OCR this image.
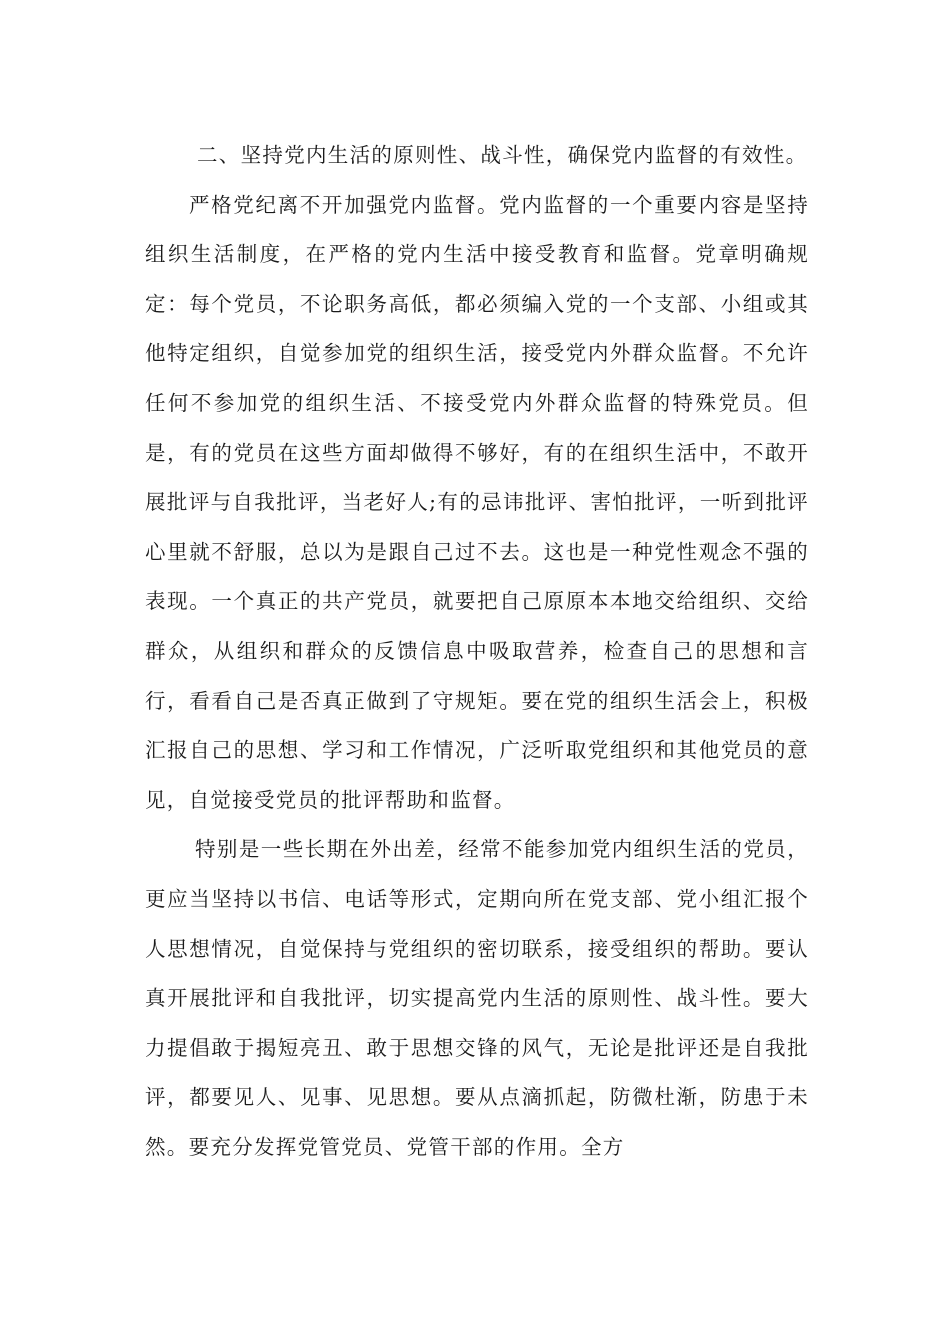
二、坚持党内生活的原则性、战斗性，确保党内监督的有效性。

严格党纪离不开加强党内监督。党内监督的一个重要内容是坚持组织生活制度，在严格的党内生活中接受教育和监督。党章明确规定：每个党员，不论职务高低，都必须编入党的一个支部、小组或其他特定组织，自觉参加党的组织生活，接受党内外群众监督。不允许任何不参加党的组织生活、不接受党内外群众监督的特殊党员。但是，有的党员在这些方面却做得不够好，有的在组织生活中，不敢开展批评与自我批评，当老好人;有的忌讳批评、害怕批评，一听到批评心里就不舒服，总以为是跟自己过不去。这也是一种党性观念不强的表现。一个真正的共产党员，就要把自己原原本本地交给组织、交给群众，从组织和群众的反馈信息中吸取营养，检查自己的思想和言行，看看自己是否真正做到了守规矩。要在党的组织生活会上，积极汇报自己的思想、学习和工作情况，广泛听取党组织和其他党员的意见，自觉接受党员的批评帮助和监督。

特别是一些长期在外出差，经常不能参加党内组织生活的党员，更应当坚持以书信、电话等形式，定期向所在党支部、党小组汇报个人思想情况，自觉保持与党组织的密切联系，接受组织的帮助。要认真开展批评和自我批评，切实提高党内生活的原则性、战斗性。要大力提倡敢于揭短亮丑、敢于思想交锋的风气，无论是批评还是自我批评，都要见人、见事、见思想。要从点滴抓起，防微杜渐，防患于未然。要充分发挥党管党员、党管干部的作用。全方
